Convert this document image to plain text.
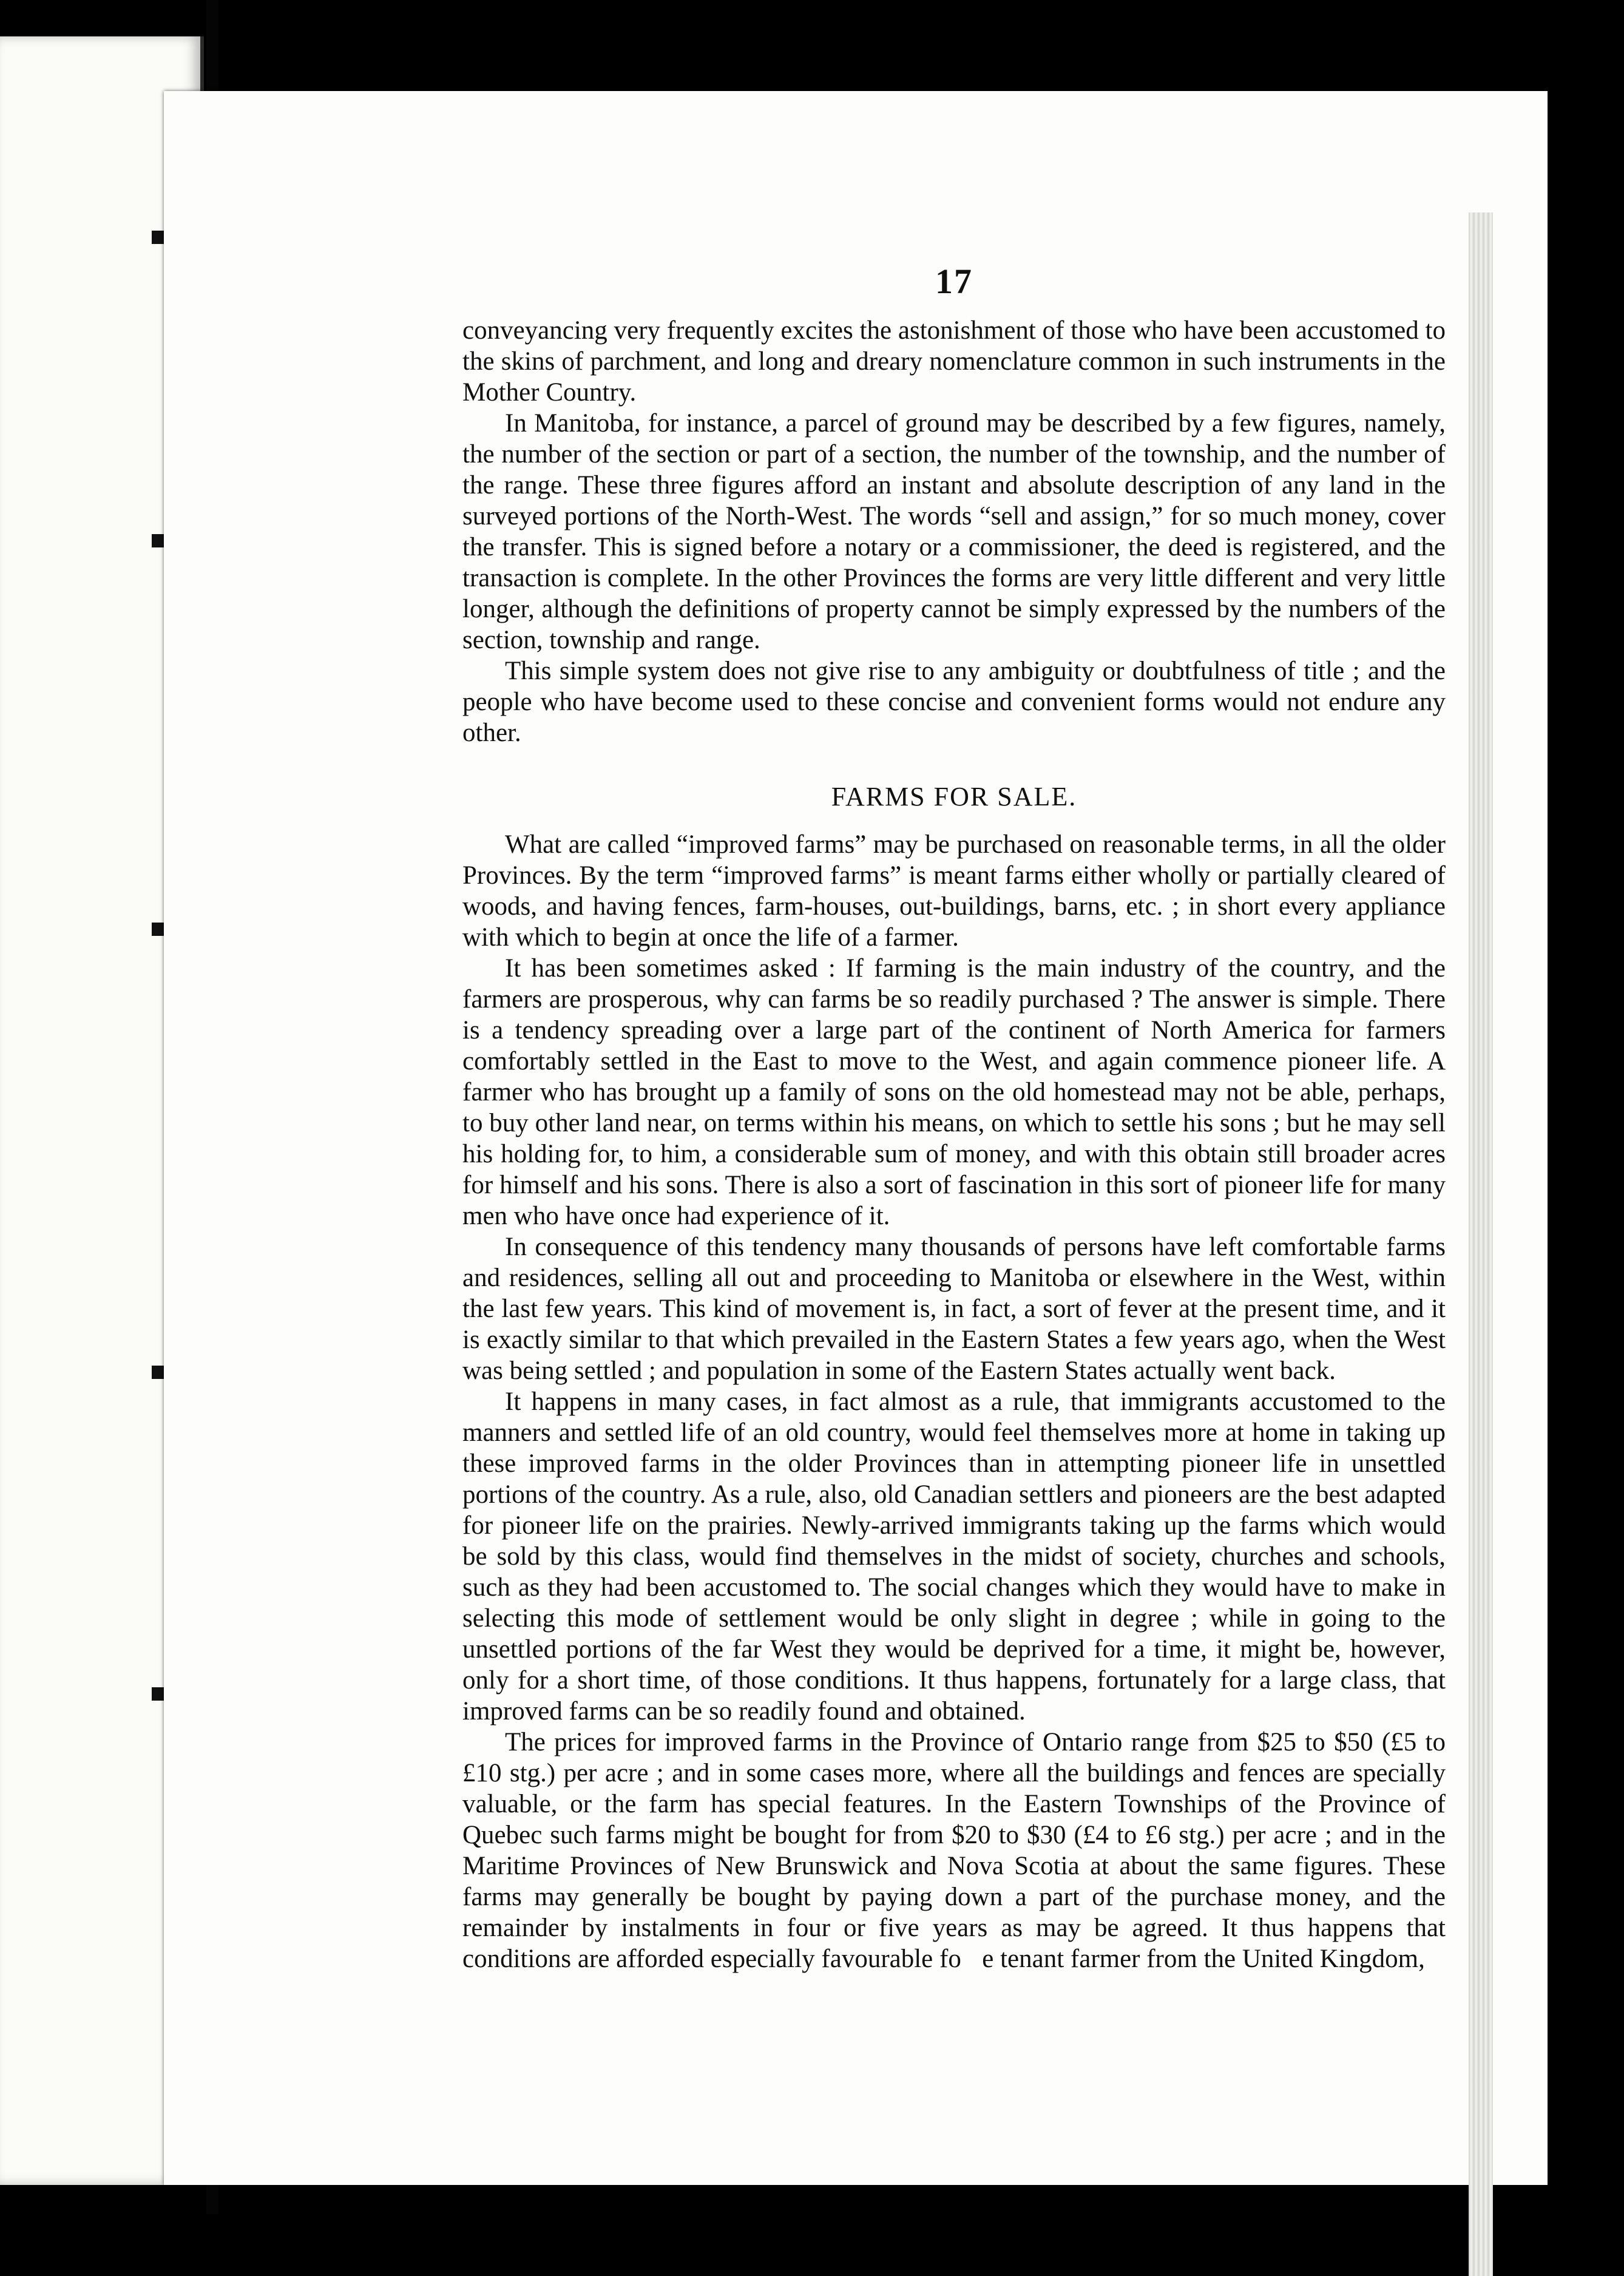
17

conveyancing very frequently excites the astonishment of those who have been accustomed to the skins of parchment, and long and dreary nomenclature common in such instruments in the Mother Country.

In Manitoba, for instance, a parcel of ground may be described by a few figures, namely, the number of the section or part of a section, the number of the township, and the number of the range. These three figures afford an instant and absolute description of any land in the surveyed portions of the North-West. The words “sell and assign,” for so much money, cover the transfer. This is signed before a notary or a commissioner, the deed is registered, and the transaction is complete. In the other Provinces the forms are very little different and very little longer, although the definitions of property cannot be simply expressed by the numbers of the section, township and range.

This simple system does not give rise to any ambiguity or doubtfulness of title ; and the people who have become used to these concise and convenient forms would not endure any other.

FARMS FOR SALE.

What are called “improved farms” may be purchased on reasonable terms, in all the older Provinces. By the term “improved farms” is meant farms either wholly or partially cleared of woods, and having fences, farm-houses, out-buildings, barns, etc. ; in short every appliance with which to begin at once the life of a farmer.

It has been sometimes asked : If farming is the main industry of the country, and the farmers are prosperous, why can farms be so readily purchased ? The answer is simple. There is a tendency spreading over a large part of the continent of North America for farmers comfortably settled in the East to move to the West, and again commence pioneer life. A farmer who has brought up a family of sons on the old homestead may not be able, perhaps, to buy other land near, on terms within his means, on which to settle his sons ; but he may sell his holding for, to him, a considerable sum of money, and with this obtain still broader acres for himself and his sons. There is also a sort of fascination in this sort of pioneer life for many men who have once had experience of it.

In consequence of this tendency many thousands of persons have left comfortable farms and residences, selling all out and proceeding to Manitoba or elsewhere in the West, within the last few years. This kind of movement is, in fact, a sort of fever at the present time, and it is exactly similar to that which prevailed in the Eastern States a few years ago, when the West was being settled ; and population in some of the Eastern States actually went back.

It happens in many cases, in fact almost as a rule, that immigrants accustomed to the manners and settled life of an old country, would feel themselves more at home in taking up these improved farms in the older Provinces than in attempting pioneer life in unsettled portions of the country. As a rule, also, old Canadian settlers and pioneers are the best adapted for pioneer life on the prairies. Newly-arrived immigrants taking up the farms which would be sold by this class, would find themselves in the midst of society, churches and schools, such as they had been accustomed to. The social changes which they would have to make in selecting this mode of settlement would be only slight in degree ; while in going to the unsettled portions of the far West they would be deprived for a time, it might be, however, only for a short time, of those conditions. It thus happens, fortunately for a large class, that improved farms can be so readily found and obtained.

The prices for improved farms in the Province of Ontario range from $25 to $50 (£5 to £10 stg.) per acre ; and in some cases more, where all the buildings and fences are specially valuable, or the farm has special features. In the Eastern Townships of the Province of Quebec such farms might be bought for from $20 to $30 (£4 to £6 stg.) per acre ; and in the Maritime Provinces of New Brunswick and Nova Scotia at about the same figures. These farms may generally be bought by paying down a part of the purchase money, and the remainder by instalments in four or five years as may be agreed. It thus happens that conditions are afforded especially favourable fo    e tenant farmer from the United Kingdom,
